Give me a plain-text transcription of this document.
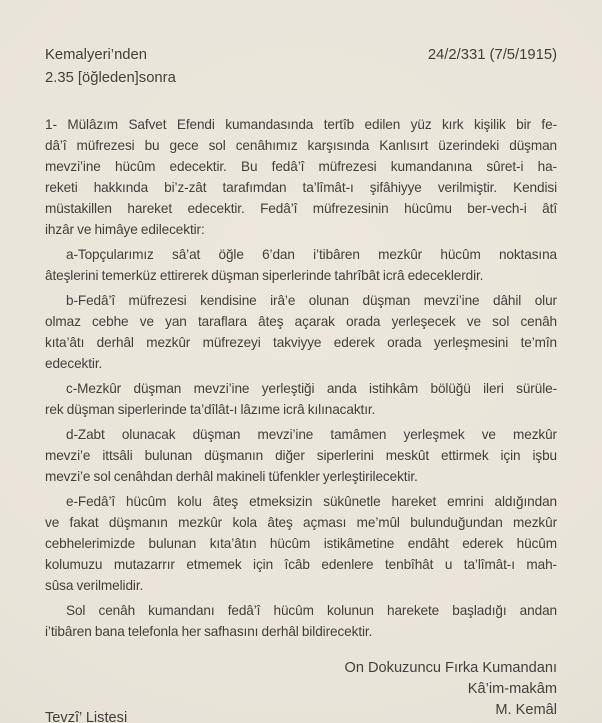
Kemalyeri’nden	24/2/331 (7/5/1915)
2.35 [öğleden]sonra
1- Mülâzım Safvet Efendi kumandasında tertîb edilen yüz kırk kişilik bir fe-
dâ’î müfrezesi bu gece sol cenâhımız karşısında Kanlısırt üzerindeki düşman
mevzi’ine hücûm edecektir. Bu fedâ’î müfrezesi kumandanına sûret-i ha-
reketi hakkında bi’z-zât tarafımdan ta’lîmât-ı şifâhiyye verilmiştir. Kendisi
müstakillen hareket edecektir. Fedâ’î müfrezesinin hücûmu ber-vech-i âtî
ihzâr ve himâye edilecektir:
a-Topçularımız sâ’at öğle 6’dan i’tibâren mezkûr hücûm noktasına
âteşlerini temerküz ettirerek düşman siperlerinde tahrîbât icrâ edeceklerdir.
b-Fedâ’î müfrezesi kendisine irâ’e olunan düşman mevzi’ine dâhil olur
olmaz cebhe ve yan taraflara âteş açarak orada yerleşecek ve sol cenâh
kıta’âtı derhâl mezkûr müfrezeyi takviyye ederek orada yerleşmesini te’mîn
edecektir.
c-Mezkûr düşman mevzi’ine yerleştiği anda istihkâm bölüğü ileri sürüle-
rek düşman siperlerinde ta’dîlât-ı lâzıme icrâ kılınacaktır.
d-Zabt olunacak düşman mevzi’ine tamâmen yerleşmek ve mezkûr
mevzi’e ittsâli bulunan düşmanın diğer siperlerini meskût ettirmek için işbu
mevzi’e sol cenâhdan derhâl makineli tüfenkler yerleştirilecektir.
e-Fedâ’î hücûm kolu âteş etmeksizin sükûnetle hareket emrini aldığından
ve fakat düşmanın mezkûr kola âteş açması me’mûl bulunduğundan mezkûr
cebhelerimizde bulunan kıta’âtın hücûm istikâmetine endâht ederek hücûm
kolumuzu mutazarrır etmemek için îcâb edenlere tenbîhât u ta’lîmât-ı mah-
sûsa verilmelidir.
Sol cenâh kumandanı fedâ’î hücûm kolunun harekete başladığı andan
i’tibâren bana telefonla her safhasını derhâl bildirecektir.
On Dokuzuncu Fırka Kumandanı
Kâ’im-makâm
M. Kemâl
Tevzî’ Listesi
